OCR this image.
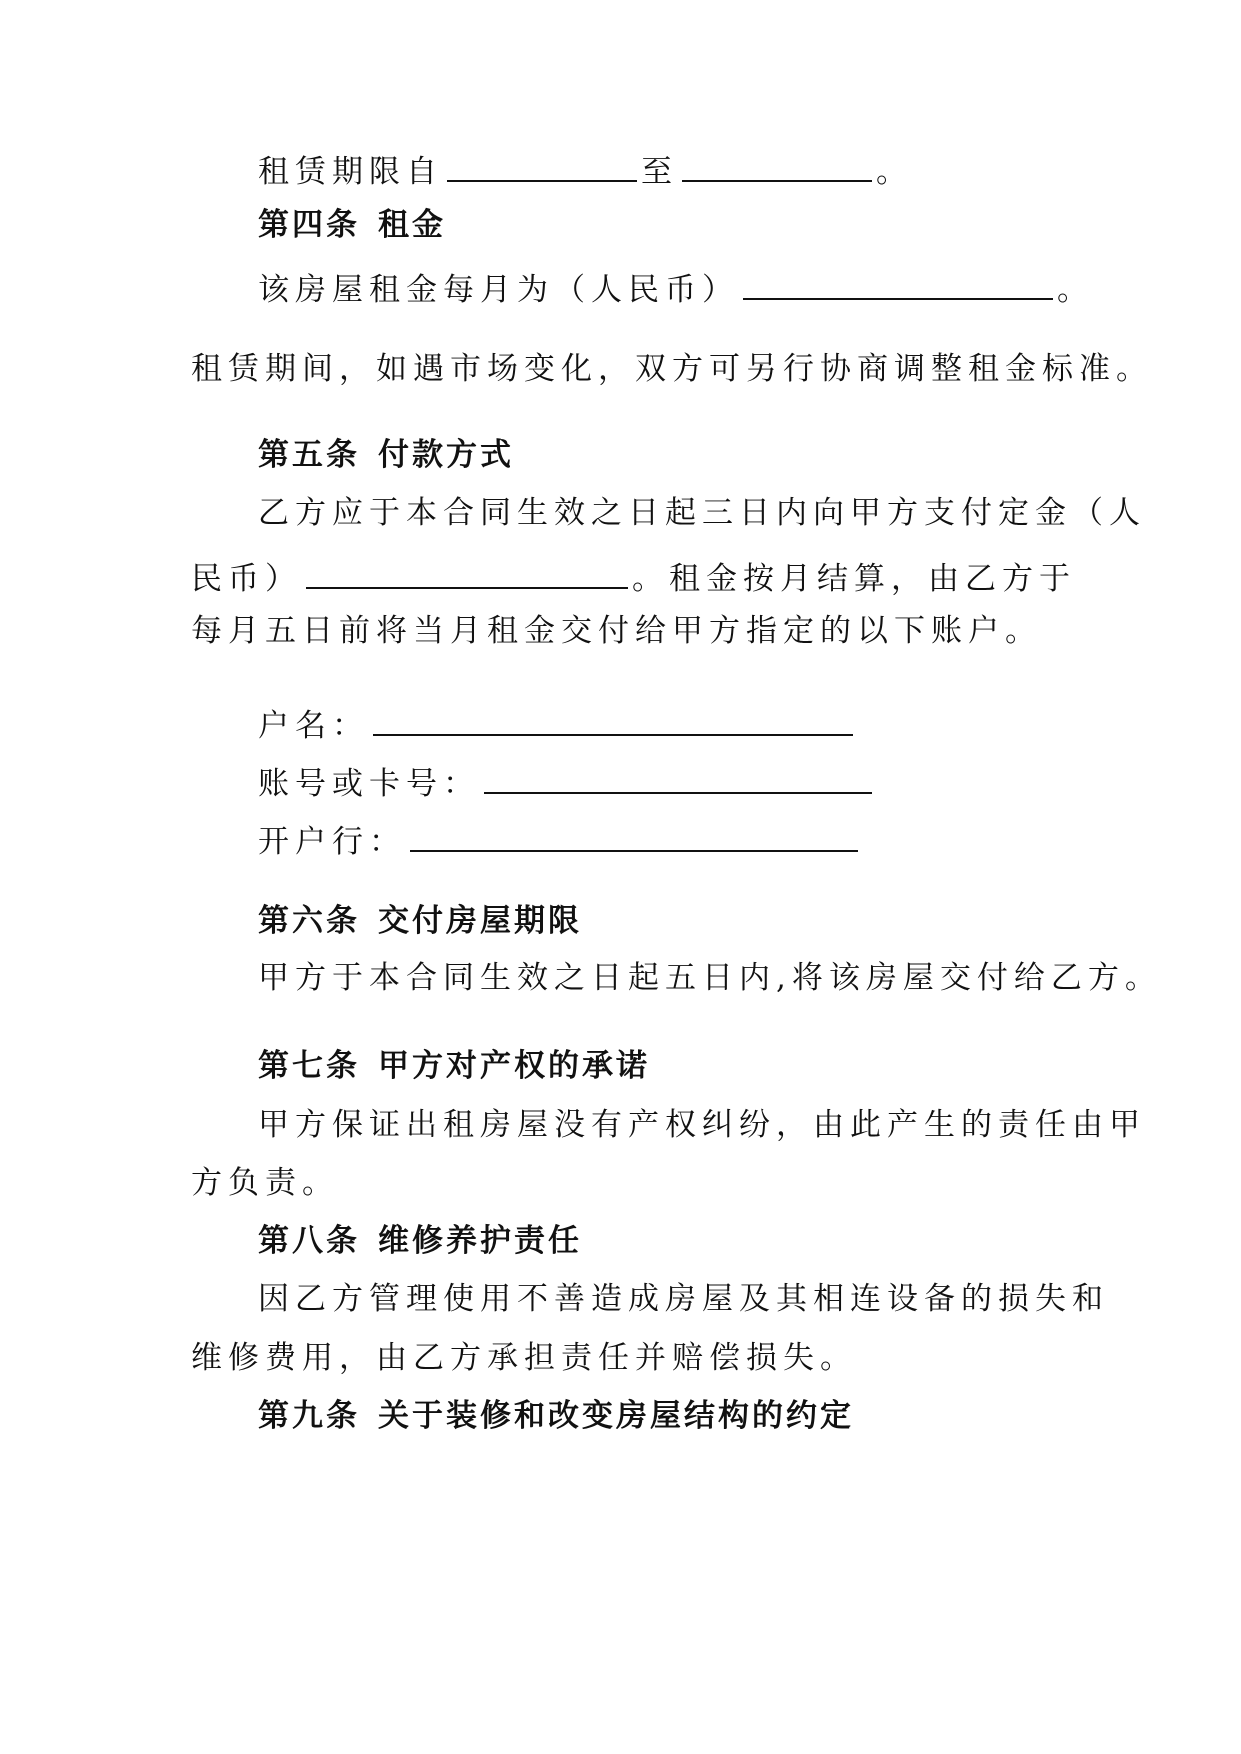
租赁期限自	至	。
第四条 租金
该房屋租金每月为（人民币）	。
租赁期间，如遇市场变化，双方可另行协商调整租金标准。
第五条 付款方式
乙方应于本合同生效之日起三日内向甲方支付定金（人
民币）	。租金按月结算，由乙方于
每月五日前将当月租金交付给甲方指定的以下账户。
户名：
账号或卡号：
开户行：
第六条 交付房屋期限
甲方于本合同生效之日起五日内,将该房屋交付给乙方。
第七条 甲方对产权的承诺
甲方保证出租房屋没有产权纠纷，由此产生的责任由甲
方负责。
第八条 维修养护责任
因乙方管理使用不善造成房屋及其相连设备的损失和
维修费用，由乙方承担责任并赔偿损失。
第九条 关于装修和改变房屋结构的约定
